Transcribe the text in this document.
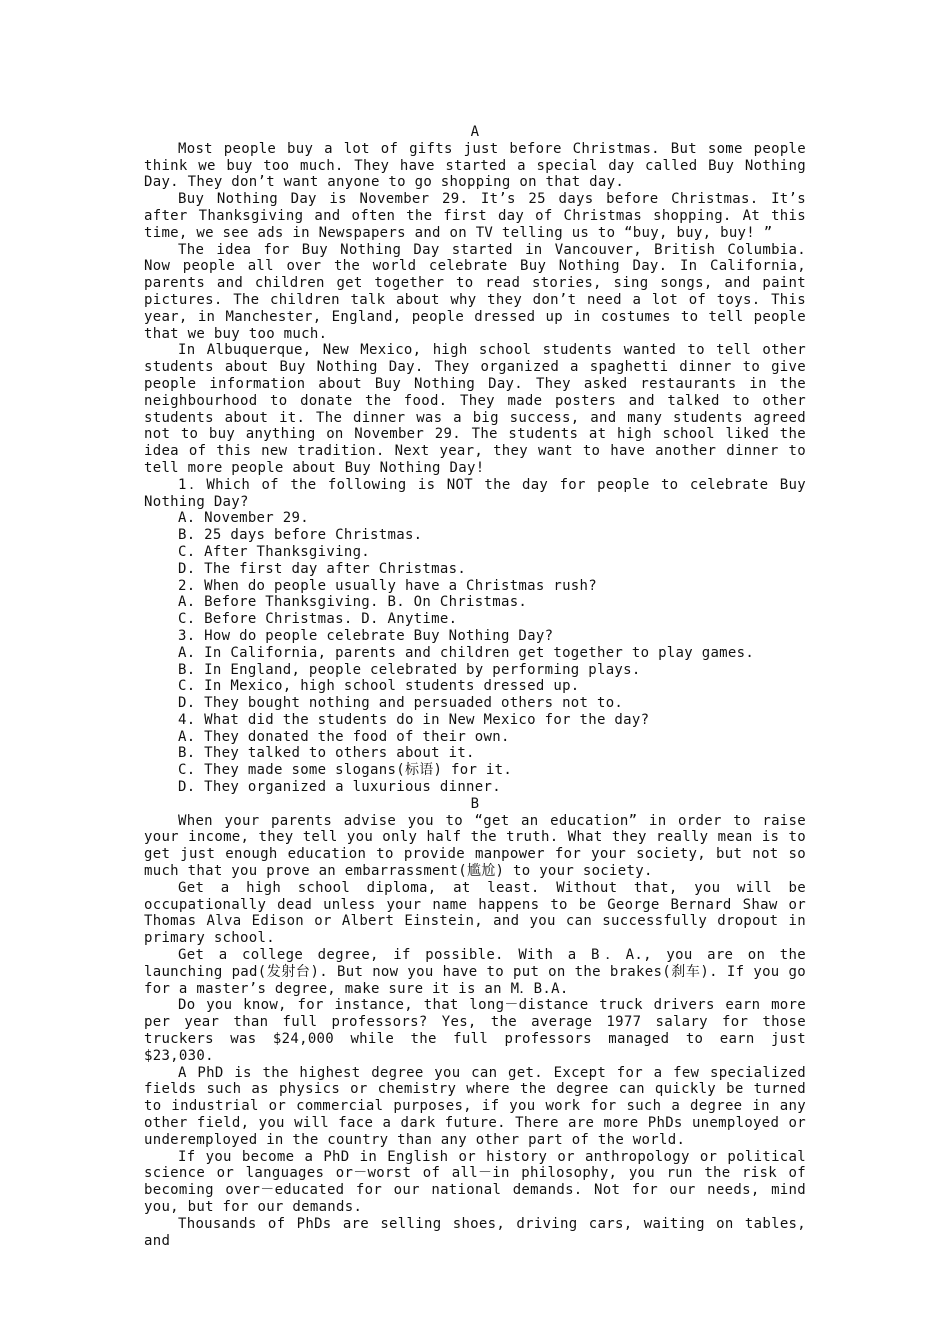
A

Most people buy a lot of gifts just before Christmas. But some people think we buy too much. They have started a special day called Buy Nothing Day. They don’t want anyone to go shopping on that day.

Buy Nothing Day is November 29. It’s 25 days before Christmas. It’s after Thanksgiving and often the first day of Christmas shopping. At this time, we see ads in Newspapers and on TV telling us to “buy, buy, buy! ”

The idea for Buy Nothing Day started in Vancouver, British Columbia. Now people all over the world celebrate Buy Nothing Day. In California, parents and children get together to read stories, sing songs, and paint pictures. The children talk about why they don’t need a lot of toys. This year, in Manchester, England, people dressed up in costumes to tell people that we buy too much.

In Albuquerque, New Mexico, high school students wanted to tell other students about Buy Nothing Day. They organized a spaghetti dinner to give people information about Buy Nothing Day. They asked restaurants in the neighbourhood to donate the food. They made posters and talked to other students about it. The dinner was a big success, and many students agreed not to buy anything on November 29. The students at high school liked the idea of this new tradition. Next year, they want to have another dinner to tell more people about Buy Nothing Day!

1．Which of the following is NOT the day for people to celebrate Buy Nothing Day?

A. November 29.

B. 25 days before Christmas.

C. After Thanksgiving.

D. The first day after Christmas.

2. When do people usually have a Christmas rush?

A. Before Thanksgiving. B. On Christmas.

C. Before Christmas. D. Anytime.

3. How do people celebrate Buy Nothing Day?

A. In California, parents and children get together to play games.

B. In England, people celebrated by performing plays.

C. In Mexico, high school students dressed up.

D. They bought nothing and persuaded others not to.

4. What did the students do in New Mexico for the day?

A. They donated the food of their own.

B. They talked to others about it.

C. They made some slogans(标语) for it.

D. They organized a luxurious dinner.

B

When your parents advise you to “get an education” in order to raise your income, they tell you only half the truth. What they really mean is to get just enough education to provide manpower for your society, but not so much that you prove an embarrassment(尴尬) to your society.

Get a high school diploma, at least. Without that, you will be occupationally dead unless your name happens to be George Bernard Shaw or Thomas Alva Edison or Albert Einstein, and you can successfully dropout in primary school.

Get a college degree, if possible. With a B．A., you are on the launching pad(发射台). But now you have to put on the brakes(刹车). If you go for a master’s degree, make sure it is an M．B.A.

Do you know, for instance, that long－distance truck drivers earn more per year than full professors? Yes, the average 1977 salary for those truckers was $24,000 while the full professors managed to earn just $23,030.

A PhD is the highest degree you can get. Except for a few specialized fields such as physics or chemistry where the degree can quickly be turned to industrial or commercial purposes, if you work for such a degree in any other field, you will face a dark future. There are more PhDs unemployed or underemployed in the country than any other part of the world.

If you become a PhD in English or history or anthropology or political science or languages or－worst of all－in philosophy, you run the risk of becoming over－educated for our national demands. Not for our needs, mind you, but for our demands.

Thousands of PhDs are selling shoes, driving cars, waiting on tables, and
